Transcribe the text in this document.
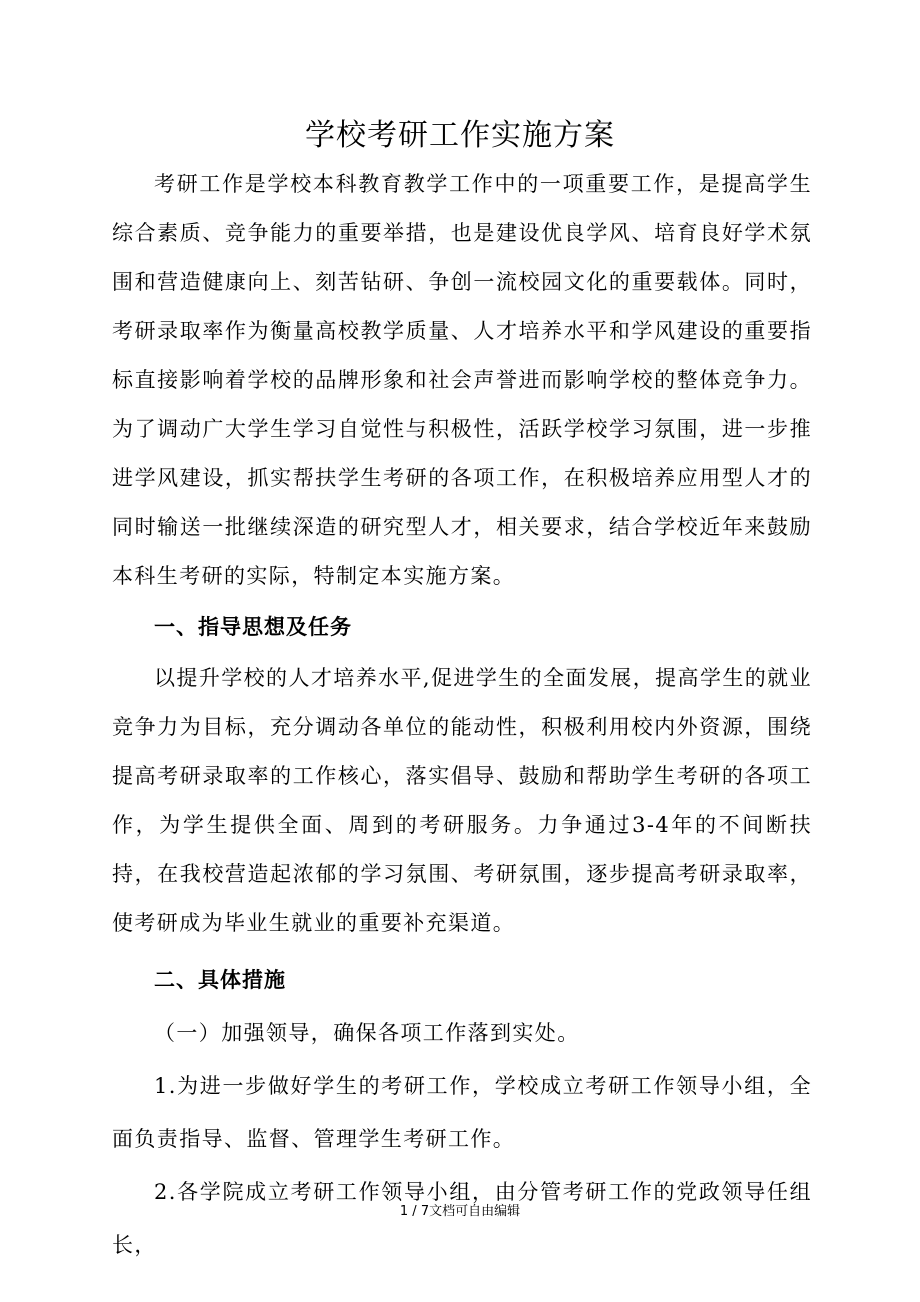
学校考研工作实施方案

考研工作是学校本科教育教学工作中的一项重要工作，是提高学生综合素质、竞争能力的重要举措，也是建设优良学风、培育良好学术氛围和营造健康向上、刻苦钻研、争创一流校园文化的重要载体。同时，考研录取率作为衡量高校教学质量、人才培养水平和学风建设的重要指标直接影响着学校的品牌形象和社会声誉进而影响学校的整体竞争力。为了调动广大学生学习自觉性与积极性，活跃学校学习氛围，进一步推进学风建设，抓实帮扶学生考研的各项工作，在积极培养应用型人才的同时输送一批继续深造的研究型人才，相关要求，结合学校近年来鼓励本科生考研的实际，特制定本实施方案。

一、指导思想及任务

以提升学校的人才培养水平,促进学生的全面发展，提高学生的就业竞争力为目标，充分调动各单位的能动性，积极利用校内外资源，围绕提高考研录取率的工作核心，落实倡导、鼓励和帮助学生考研的各项工作，为学生提供全面、周到的考研服务。力争通过3-4年的不间断扶持，在我校营造起浓郁的学习氛围、考研氛围，逐步提高考研录取率，使考研成为毕业生就业的重要补充渠道。

二、具体措施

（一）加强领导，确保各项工作落到实处。

1.为进一步做好学生的考研工作，学校成立考研工作领导小组，全面负责指导、监督、管理学生考研工作。

2.各学院成立考研工作领导小组，由分管考研工作的党政领导任组长，

1 / 7文档可自由编辑
